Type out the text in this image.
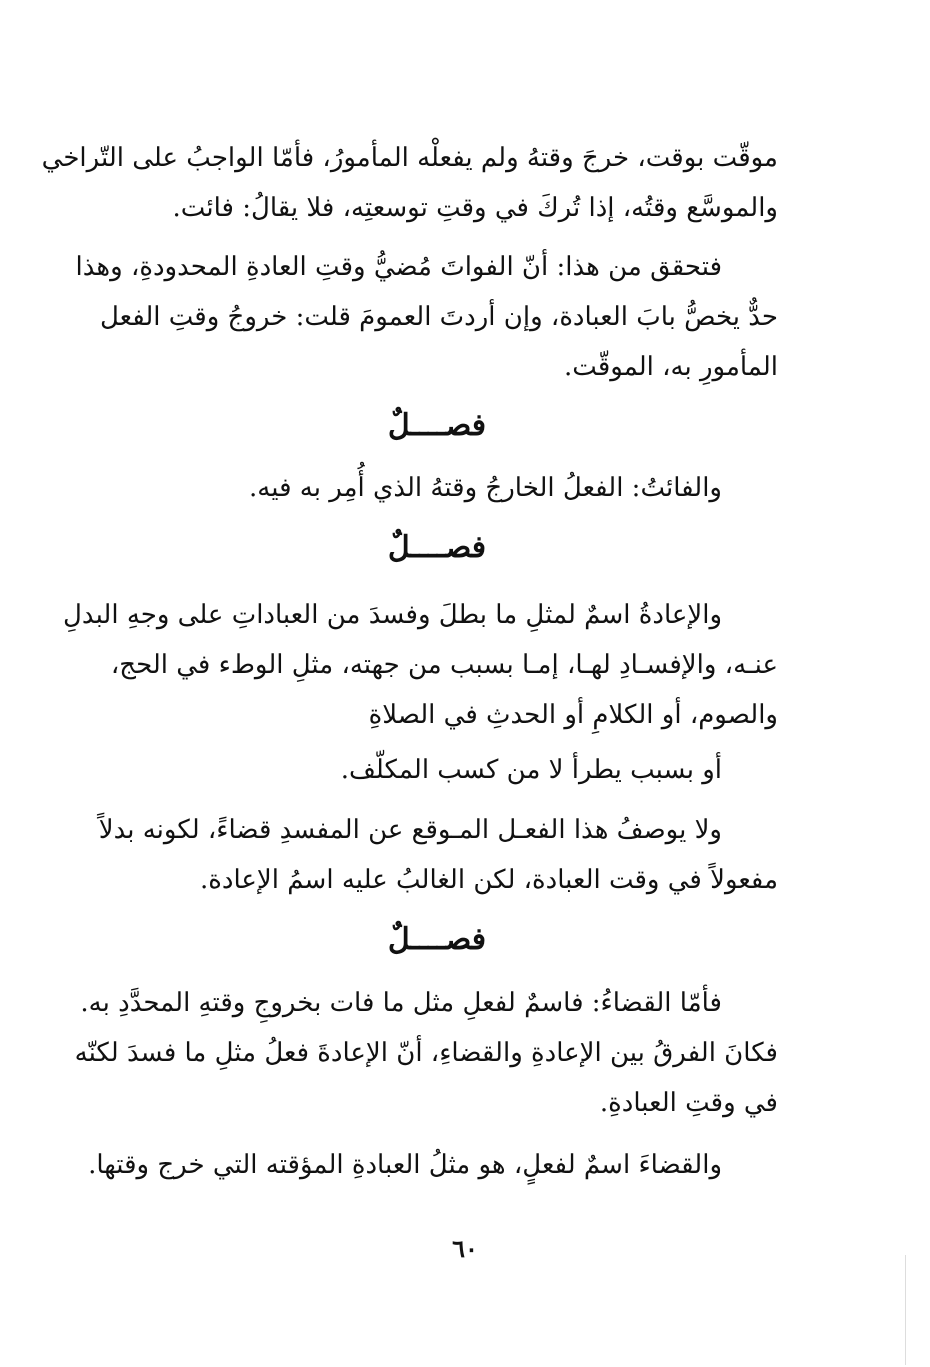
موقّت بوقت، خرجَ وقتهُ ولم يفعلْه المأمورُ، فأمّا الواجبُ على التّراخي
والموسَّع وقتُه، إذا تُركَ في وقتِ توسعتِه، فلا يقالُ: فائت.
فتحقق من هذا: أنّ الفواتَ مُضيُّ وقتِ العادةِ المحدودةِ، وهذا
حدٌّ يخصُّ بابَ العبادة، وإن أردتَ العمومَ قلت: خروجُ وقتِ الفعل
المأمورِ به، الموقّت.
فصــــلٌ
والفائتُ: الفعلُ الخارجُ وقتهُ الذي أُمِر به فيه.
فصــــلٌ
والإعادةُ اسمٌ لمثلِ ما بطلَ وفسدَ من العباداتِ على وجهِ البدلِ
عنـه، والإفسـادِ لهـا، إمـا بسبب من جهته، مثلِ الوطء في الحج،
والصوم، أو الكلامِ أو الحدثِ في الصلاةِ
أو بسبب يطرأ لا من كسب المكلّف.
ولا يوصفُ هذا الفعـل المـوقع عن المفسدِ قضاءً، لكونه بدلاً
مفعولاً في وقت العبادة، لكن الغالبُ عليه اسمُ الإعادة.
فصــــلٌ
فأمّا القضاءُ: فاسمٌ لفعلِ مثل ما فات بخروجِ وقتهِ المحدَّدِ به.
فكانَ الفرقُ بين الإعادةِ والقضاءِ، أنّ الإعادةَ فعلُ مثلِ ما فسدَ لكنّه
في وقتِ العبادةِ.
والقضاءَ اسمٌ لفعلٍ، هو مثلُ العبادةِ المؤقته التي خرج وقتها.
٦٠
